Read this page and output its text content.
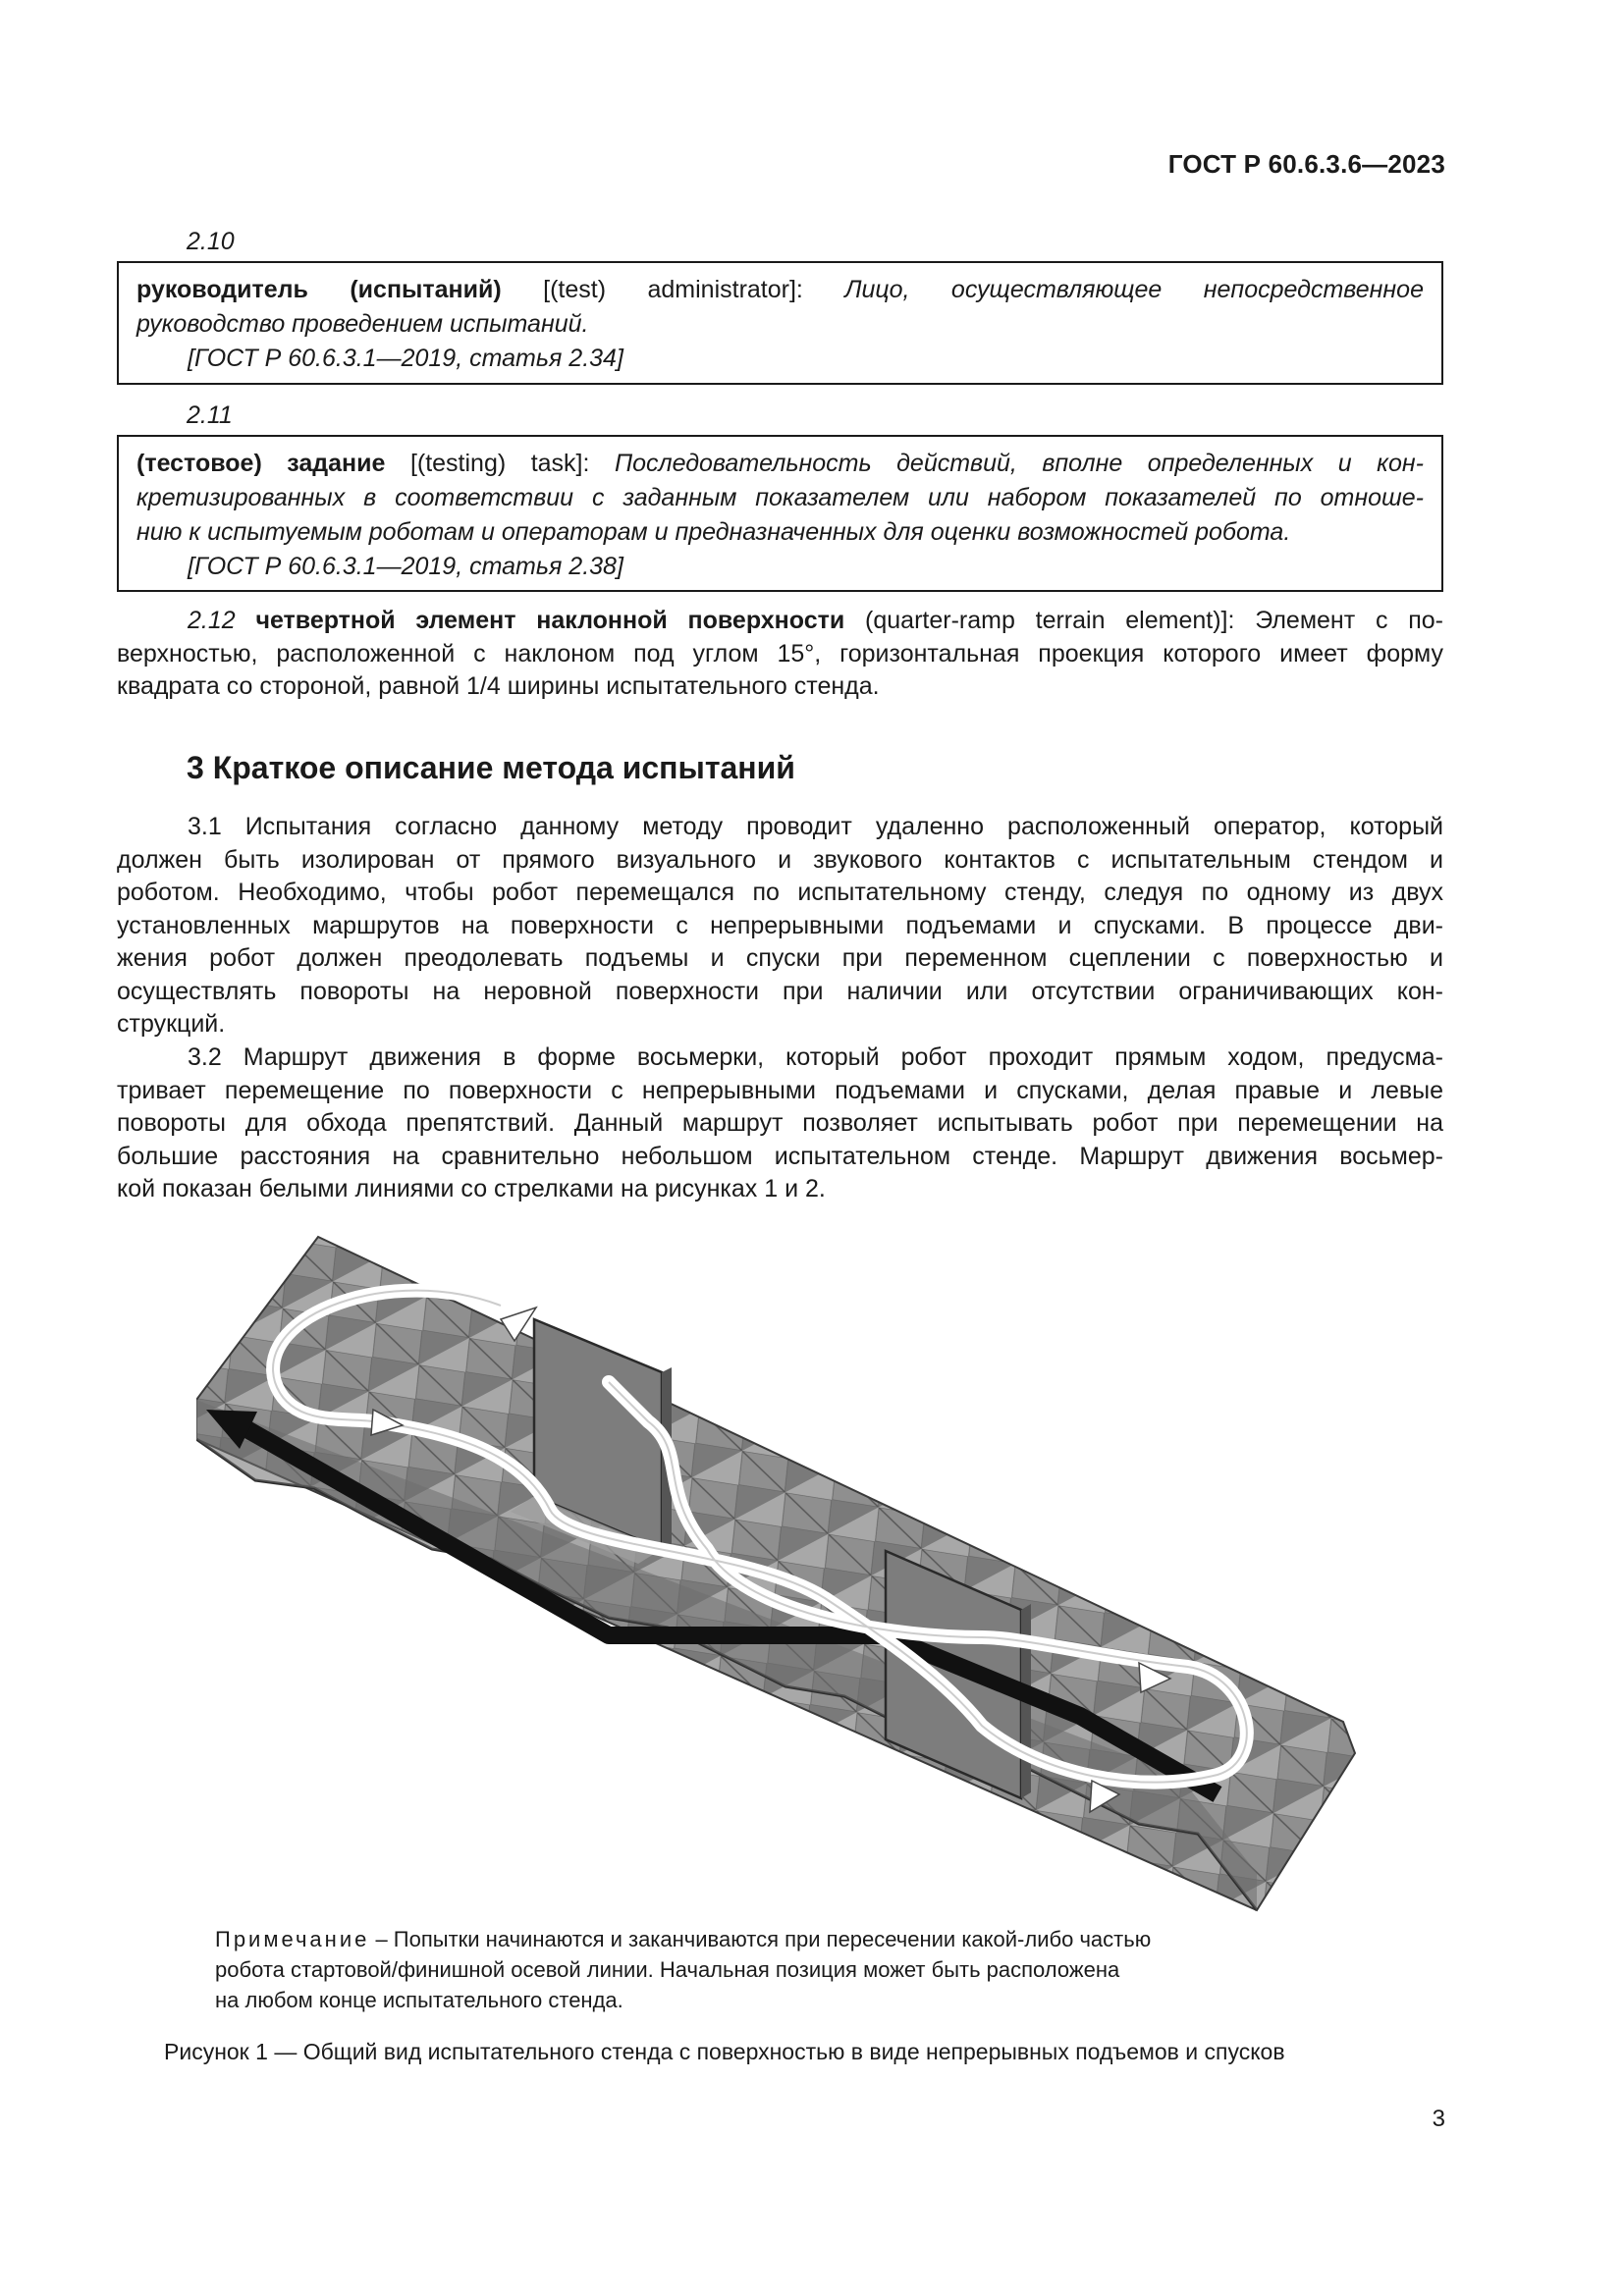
ГОСТ Р 60.6.3.6—2023
2.10
руководитель (испытаний) [(test) administrator]: Лицо, осуществляющее непосредственное
руководство проведением испытаний.
[ГОСТ Р 60.6.3.1—2019, статья 2.34]
2.11
(тестовое) задание [(testing) task]: Последовательность действий, вполне определенных и кон-
кретизированных в соответствии с заданным показателем или набором показателей по отноше-
нию к испытуемым роботам и операторам и предназначенных для оценки возможностей робота.
[ГОСТ Р 60.6.3.1—2019, статья 2.38]
2.12 четвертной элемент наклонной поверхности (quarter-ramp terrain element)]: Элемент с по-
верхностью, расположенной с наклоном под углом 15°, горизонтальная проекция которого имеет форму
квадрата со стороной, равной 1/4 ширины испытательного стенда.
3 Краткое описание метода испытаний
3.1 Испытания согласно данному методу проводит удаленно расположенный оператор, который
должен быть изолирован от прямого визуального и звукового контактов с испытательным стендом и
роботом. Необходимо, чтобы робот перемещался по испытательному стенду, следуя по одному из двух
установленных маршрутов на поверхности с непрерывными подъемами и спусками. В процессе дви-
жения робот должен преодолевать подъемы и спуски при переменном сцеплении с поверхностью и
осуществлять повороты на неровной поверхности при наличии или отсутствии ограничивающих кон-
струкций.
3.2 Маршрут движения в форме восьмерки, который робот проходит прямым ходом, предусма-
тривает перемещение по поверхности с непрерывными подъемами и спусками, делая правые и левые
повороты для обхода препятствий. Данный маршрут позволяет испытывать робот при перемещении на
большие расстояния на сравнительно небольшом испытательном стенде. Маршрут движения восьмер-
кой показан белыми линиями со стрелками на рисунках 1 и 2.
Примечание – Попытки начинаются и заканчиваются при пересечении какой-либо частью
робота стартовой/финишной осевой линии. Начальная позиция может быть расположена
на любом конце испытательного стенда.
Рисунок 1 — Общий вид испытательного стенда с поверхностью в виде непрерывных подъемов и спусков
3
